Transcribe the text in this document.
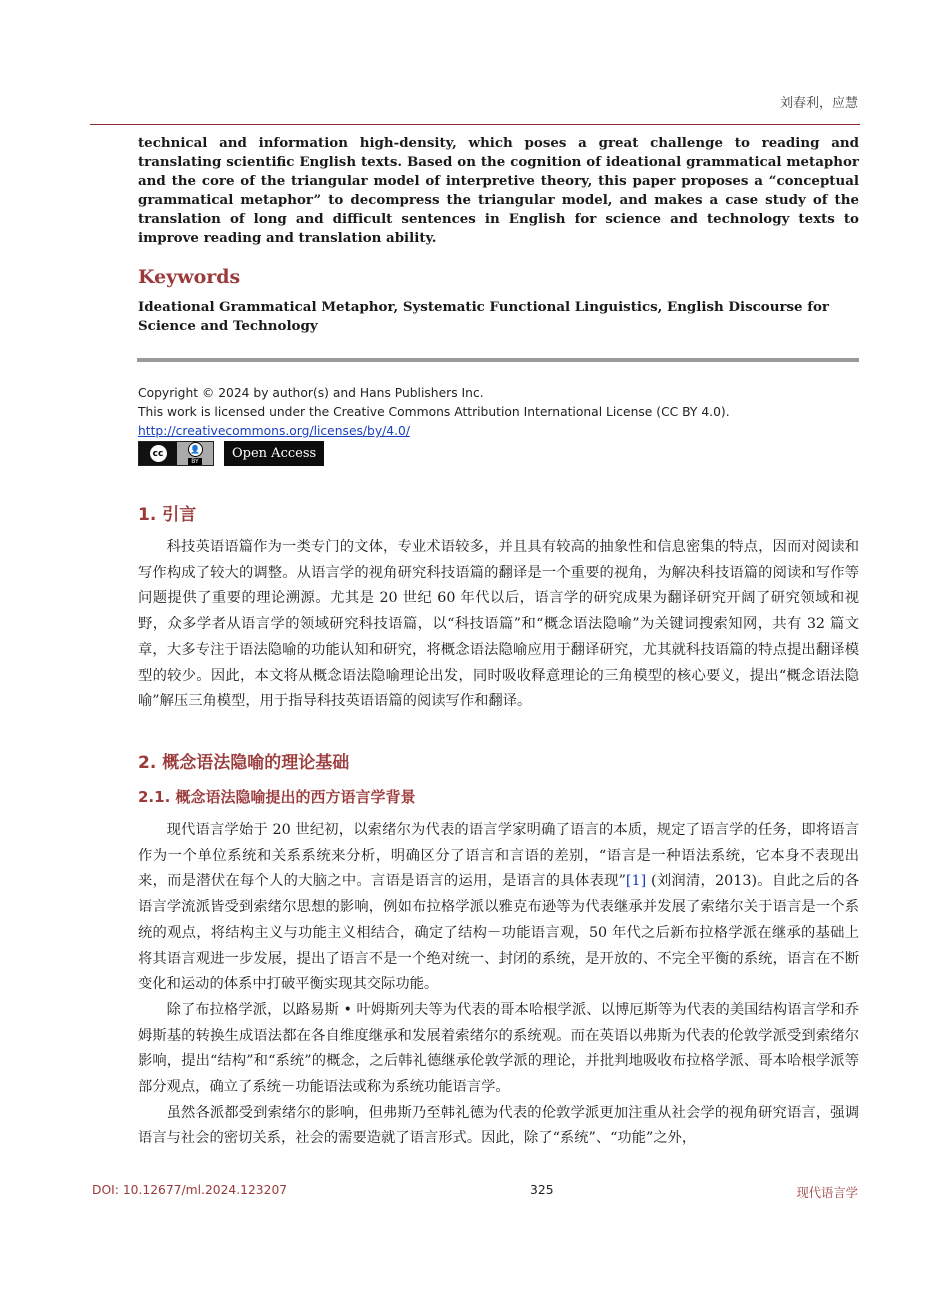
刘春利，应慧
technical and information high-density, which poses a great challenge to reading and translating scientific English texts. Based on the cognition of ideational grammatical metaphor and the core of the triangular model of interpretive theory, this paper proposes a “conceptual grammatical metaphor” to decompress the triangular model, and makes a case study of the translation of long and difficult sentences in English for science and technology texts to improve reading and translation ability.
Keywords
Ideational Grammatical Metaphor, Systematic Functional Linguistics, English Discourse for Science and Technology
Copyright © 2024 by author(s) and Hans Publishers Inc.
This work is licensed under the Creative Commons Attribution International License (CC BY 4.0).
http://creativecommons.org/licenses/by/4.0/
cc	👤
BY
Open Access
1. 引言

科技英语语篇作为一类专门的文体，专业术语较多，并且具有较高的抽象性和信息密集的特点，因而对阅读和写作构成了较大的调整。从语言学的视角研究科技语篇的翻译是一个重要的视角，为解决科技语篇的阅读和写作等问题提供了重要的理论溯源。尤其是 20 世纪 60 年代以后，语言学的研究成果为翻译研究开阔了研究领域和视野，众多学者从语言学的领域研究科技语篇，以“科技语篇”和“概念语法隐喻”为关键词搜索知网，共有 32 篇文章，大多专注于语法隐喻的功能认知和研究，将概念语法隐喻应用于翻译研究，尤其就科技语篇的特点提出翻译模型的较少。因此，本文将从概念语法隐喻理论出发，同时吸收释意理论的三角模型的核心要义，提出“概念语法隐喻”解压三角模型，用于指导科技英语语篇的阅读写作和翻译。

2. 概念语法隐喻的理论基础
2.1. 概念语法隐喻提出的西方语言学背景

现代语言学始于 20 世纪初，以索绪尔为代表的语言学家明确了语言的本质，规定了语言学的任务，即将语言作为一个单位系统和关系系统来分析，明确区分了语言和言语的差别，“语言是一种语法系统，它本身不表现出来，而是潜伏在每个人的大脑之中。言语是语言的运用，是语言的具体表现”[1] (刘润清，2013)。自此之后的各语言学流派皆受到索绪尔思想的影响，例如布拉格学派以雅克布逊等为代表继承并发展了索绪尔关于语言是一个系统的观点，将结构主义与功能主义相结合，确定了结构－功能语言观，50 年代之后新布拉格学派在继承的基础上将其语言观进一步发展，提出了语言不是一个绝对统一、封闭的系统，是开放的、不完全平衡的系统，语言在不断变化和运动的体系中打破平衡实现其交际功能。

除了布拉格学派，以路易斯 • 叶姆斯列夫等为代表的哥本哈根学派、以博厄斯等为代表的美国结构语言学和乔姆斯基的转换生成语法都在各自维度继承和发展着索绪尔的系统观。而在英语以弗斯为代表的伦敦学派受到索绪尔影响，提出“结构”和“系统”的概念，之后韩礼德继承伦敦学派的理论，并批判地吸收布拉格学派、哥本哈根学派等部分观点，确立了系统－功能语法或称为系统功能语言学。

虽然各派都受到索绪尔的影响，但弗斯乃至韩礼德为代表的伦敦学派更加注重从社会学的视角研究语言，强调语言与社会的密切关系，社会的需要造就了语言形式。因此，除了“系统”、“功能”之外，

DOI: 10.12677/ml.2024.123207	325	现代语言学
